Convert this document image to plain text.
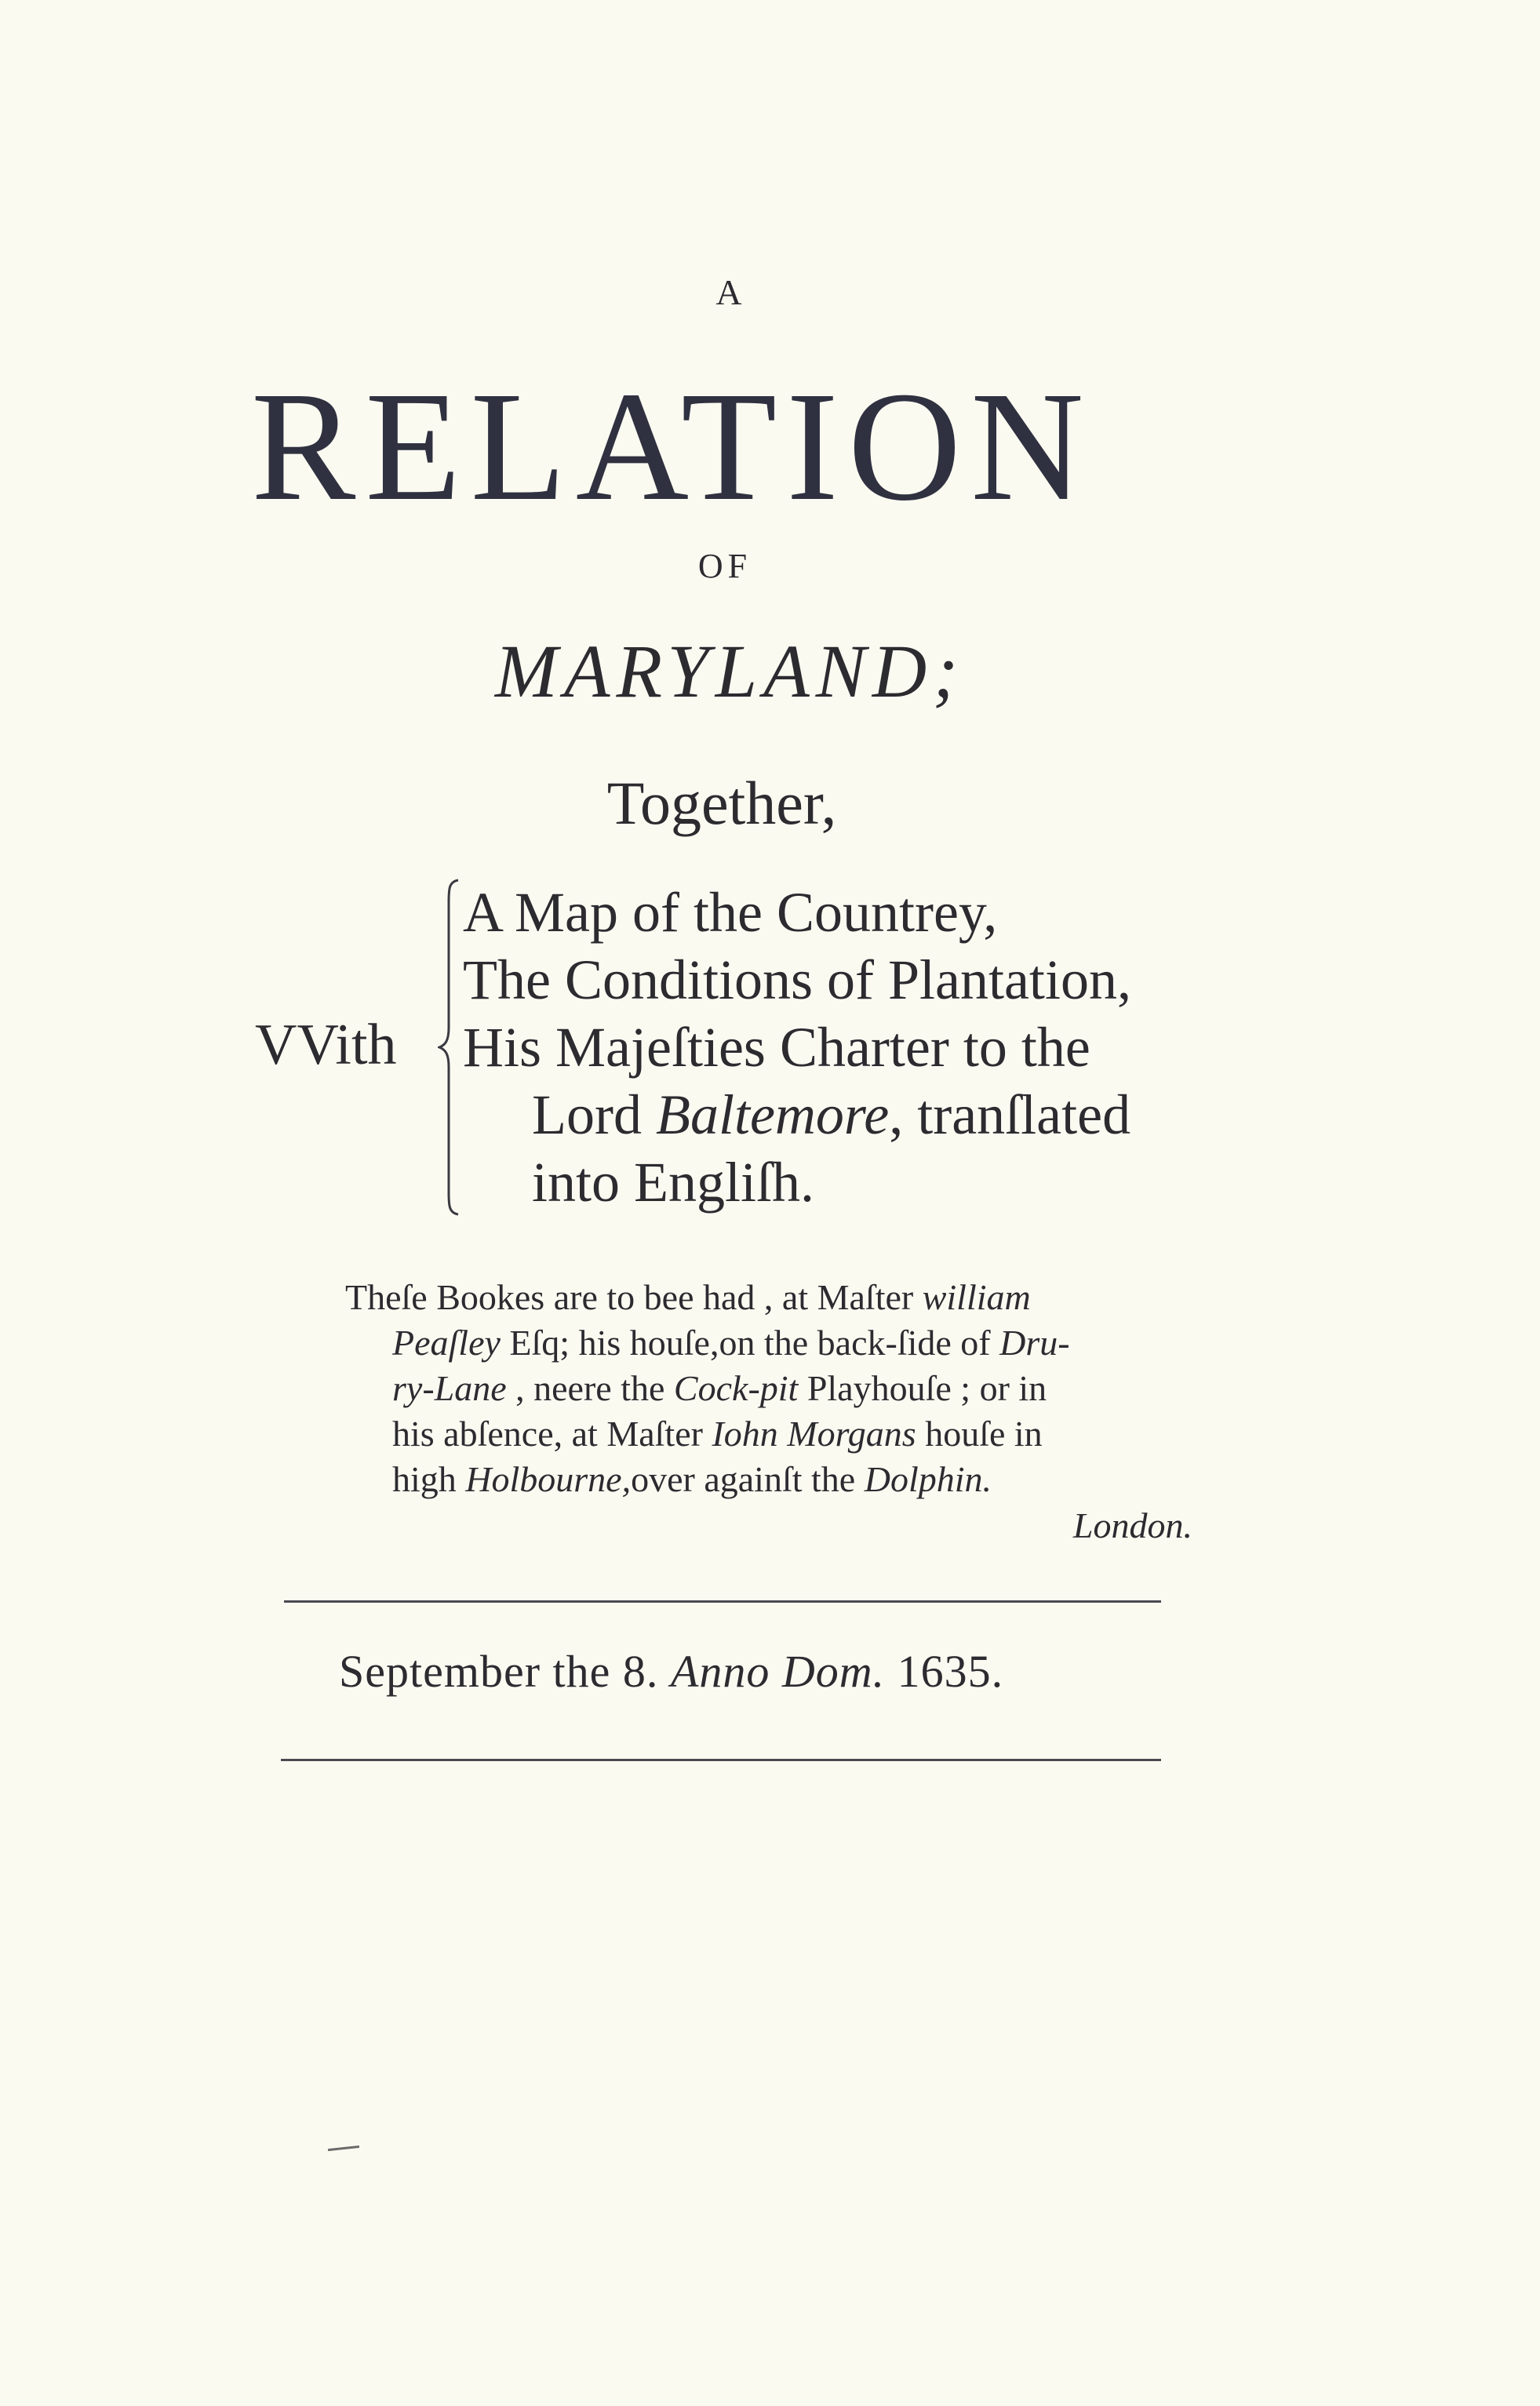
A
RELATION
OF
MARYLAND;
Together,
VVith
A Map of the Countrey,
The Conditions of Plantation,
His Majeſties Charter to the
Lord Baltemore, tranſlated
into Engliſh.
Theſe Bookes are to bee had , at Maſter william
Peaſley Eſq; his houſe,on the back-ſide of Dru-
ry-Lane , neere the Cock-pit Playhouſe ; or in
his abſence, at Maſter Iohn Morgans houſe in
high Holbourne,over againſt the Dolphin.
London.
September the 8. Anno Dom. 1635.
